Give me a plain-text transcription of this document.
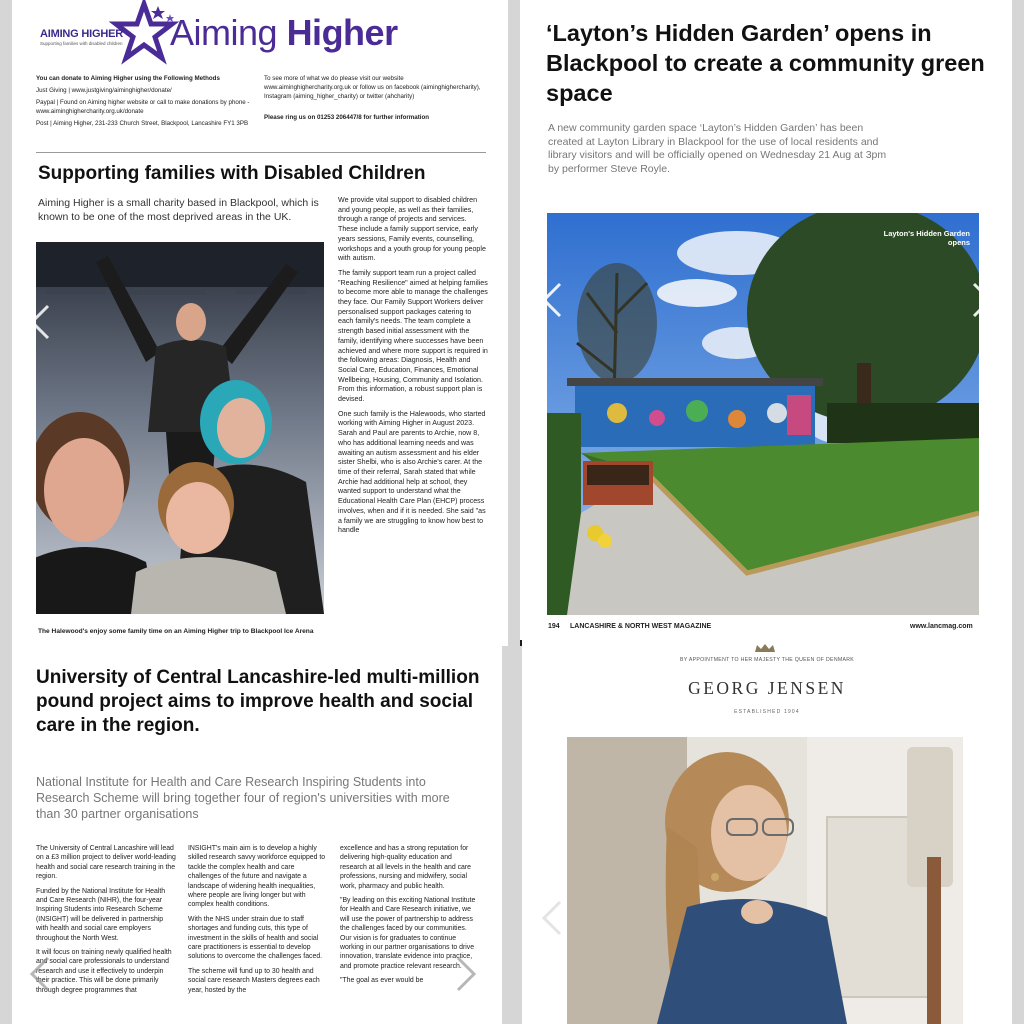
AIMING HIGHER
Supporting families with disabled children Aiming Higher
You can donate to Aiming Higher using the Following Methods
Just Giving | www.justgiving/aiminghigher/donate/
Paypal | Found on Aiming higher website or call to make donations by phone - www.aiminghighercharity.org.uk/donate
Post | Aiming Higher, 231-233 Church Street, Blackpool, Lancashire FY1 3PB
To see more of what we do please visit our website www.aiminghighercharity.org.uk or follow us on facebook (aiminghighercharity), Instagram (aiming_higher_charity) or twitter (ahcharity)
Please ring us on 01253 206447/8 for further information
Supporting families with Disabled Children
Aiming Higher is a small charity based in Blackpool, which is known to be one of the most deprived areas in the UK.

We provide vital support to disabled children and young people, as well as their families, through a range of projects and services. These include a family support service, early years sessions, Family events, counselling, workshops and a youth group for young people with autism.

The family support team run a project called "Reaching Resilience" aimed at helping families to become more able to manage the challenges they face. Our Family Support Workers deliver personalised support packages catering to each family's needs. The team complete a strength based initial assessment with the family, identifying where successes have been achieved and where more support is required in the following areas: Diagnosis, Health and Social Care, Education, Finances, Emotional Wellbeing, Housing, Community and Isolation. From this information, a robust support plan is devised.

One such family is the Halewoods, who started working with Aiming Higher in August 2023. Sarah and Paul are parents to Archie, now 8, who has additional learning needs and was awaiting an autism assessment and his elder sister Shelbi, who is also Archie's carer. At the time of their referral, Sarah stated that while Archie had additional help at school, they wanted support to understand what the Educational Health Care Plan (EHCP) process involves, when and if it is needed. She said "as a family we are struggling to know how best to handle

The Halewood's enjoy some family time on an Aiming Higher trip to Blackpool Ice Arena
‘Layton’s Hidden Garden’ opens in Blackpool to create a community green space
A new community garden space ‘Layton’s Hidden Garden’ has been created at Layton Library in Blackpool for the use of local residents and library visitors and will be officially opened on Wednesday 21 Aug at 3pm by performer Steve Royle.
Layton's Hidden Garden opens
194 LANCASHIRE & NORTH WEST MAGAZINE	www.lancmag.com
University of Central Lancashire-led multi-million pound project aims to improve health and social care in the region.
National Institute for Health and Care Research Inspiring Students into Research Scheme will bring together four of region's universities with more than 30 partner organisations

The University of Central Lancashire will lead on a £3 million project to deliver world-leading health and social care research training in the region.

Funded by the National Institute for Health and Care Research (NIHR), the four-year Inspiring Students into Research Scheme (INSIGHT) will be delivered in partnership with health and social care employers throughout the North West.

It will focus on training newly qualified health and social care professionals to understand research and use it effectively to underpin their practice. This will be done primarily through degree programmes that

INSIGHT's main aim is to develop a highly skilled research savvy workforce equipped to tackle the complex health and care challenges of the future and navigate a landscape of widening health inequalities, where people are living longer but with complex health conditions.

With the NHS under strain due to staff shortages and funding cuts, this type of investment in the skills of health and social care practitioners is essential to develop solutions to overcome the challenges faced.

The scheme will fund up to 30 health and social care research Masters degrees each year, hosted by the

excellence and has a strong reputation for delivering high-quality education and research at all levels in the health and care professions, nursing and midwifery, social work, pharmacy and public health.

"By leading on this exciting National Institute for Health and Care Research initiative, we will use the power of partnership to address the challenges faced by our communities. Our vision is for graduates to continue working in our partner organisations to drive innovation, translate evidence into practice, and promote practice relevant research.

"The goal as ever would be

BY APPOINTMENT TO HER MAJESTY THE QUEEN OF DENMARK
GEORG JENSEN
ESTABLISHED 1904
